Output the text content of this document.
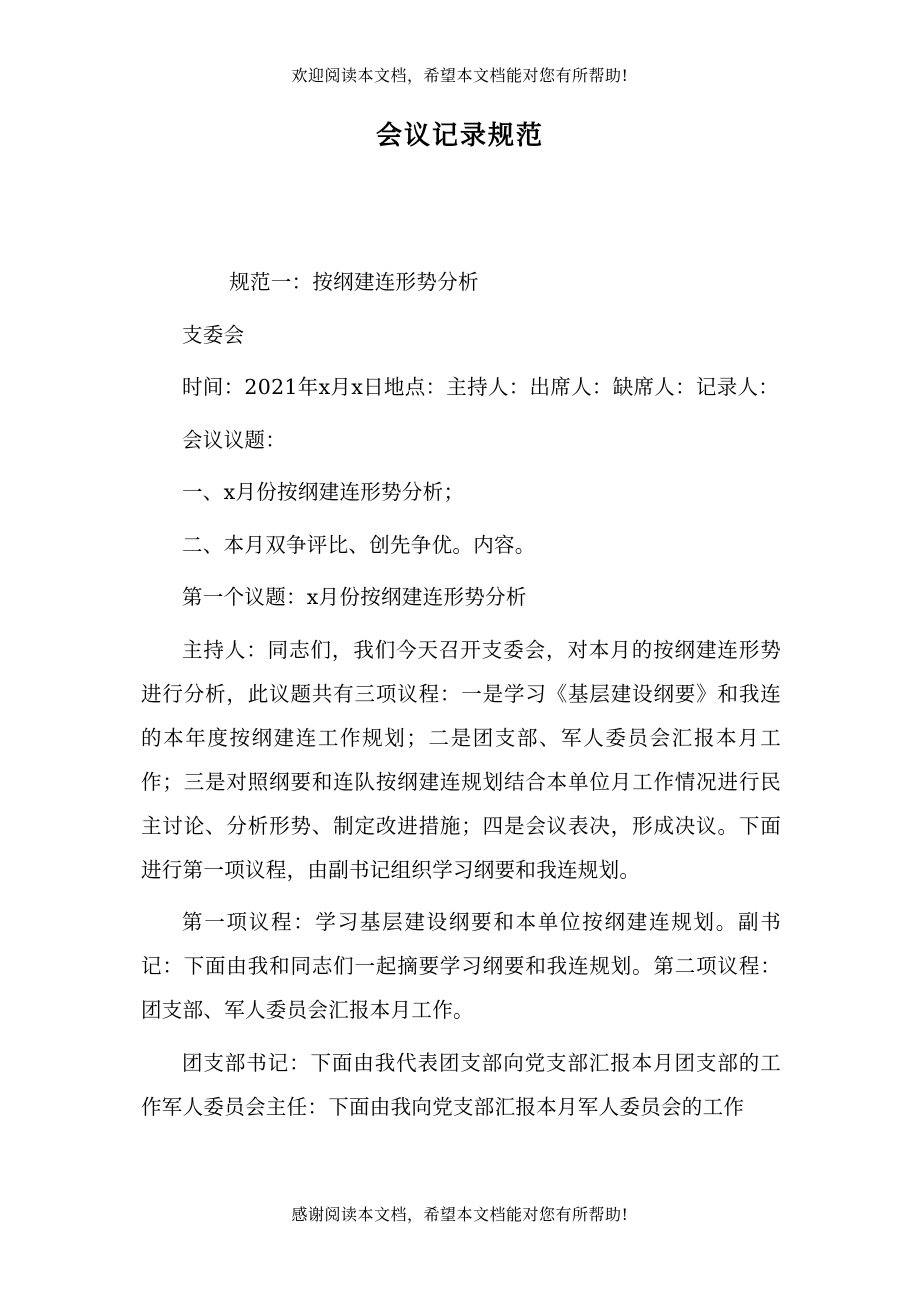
欢迎阅读本文档，希望本文档能对您有所帮助!
会议记录规范

规范一：按纲建连形势分析

支委会

时间：2021年x月x日地点：主持人：出席人：缺席人：记录人：

会议议题：

一、x月份按纲建连形势分析；

二、本月双争评比、创先争优。内容。

第一个议题：x月份按纲建连形势分析

主持人：同志们，我们今天召开支委会，对本月的按纲建连形势进行分析，此议题共有三项议程：一是学习《基层建设纲要》和我连的本年度按纲建连工作规划；二是团支部、军人委员会汇报本月工作；三是对照纲要和连队按纲建连规划结合本单位月工作情况进行民主讨论、分析形势、制定改进措施；四是会议表决，形成决议。下面进行第一项议程，由副书记组织学习纲要和我连规划。

第一项议程：学习基层建设纲要和本单位按纲建连规划。副书记：下面由我和同志们一起摘要学习纲要和我连规划。第二项议程：团支部、军人委员会汇报本月工作。

团支部书记：下面由我代表团支部向党支部汇报本月团支部的工作军人委员会主任：下面由我向党支部汇报本月军人委员会的工作

感谢阅读本文档，希望本文档能对您有所帮助!
